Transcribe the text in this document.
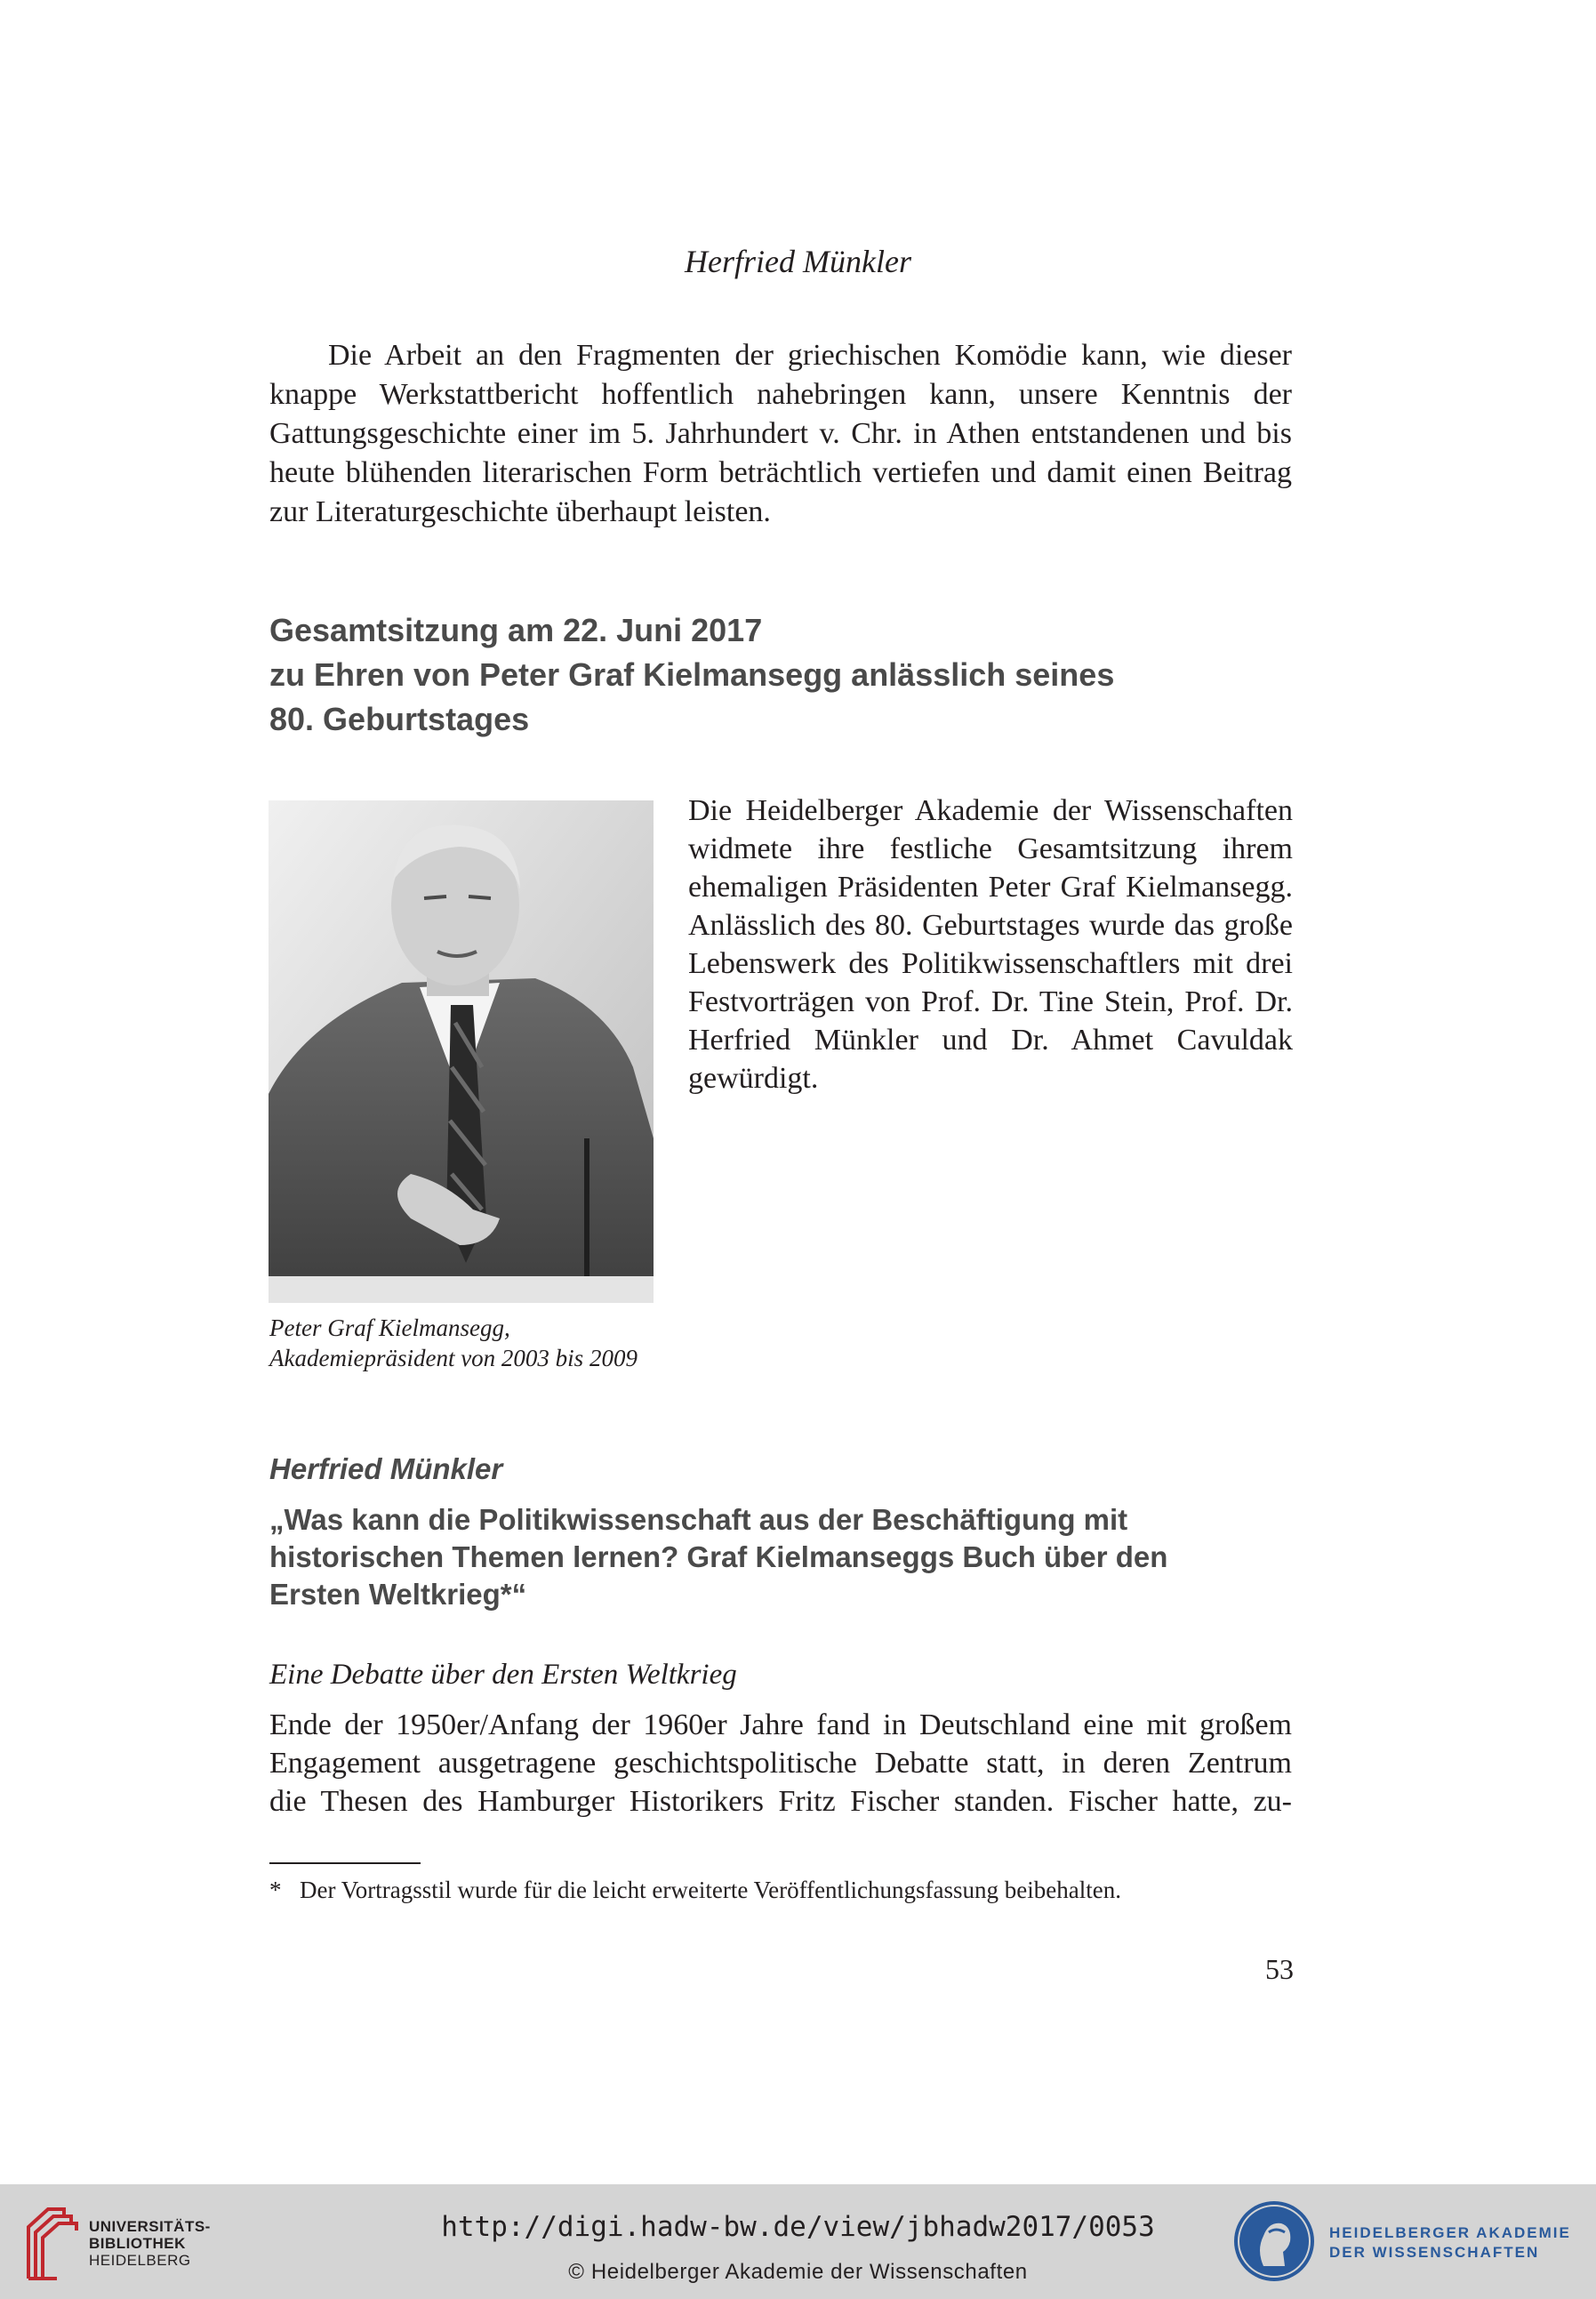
Herfried Münkler

Die Arbeit an den Fragmenten der griechischen Komödie kann, wie dieser knappe Werkstattbericht hoffentlich nahebringen kann, unsere Kenntnis der Gattungsgeschichte einer im 5. Jahrhundert v. Chr. in Athen entstandenen und bis heute blühenden literarischen Form beträchtlich vertiefen und damit einen Beitrag zur Literaturgeschichte überhaupt leisten.

Gesamtsitzung am 22. Juni 2017
zu Ehren von Peter Graf Kielmansegg anlässlich seines
80. Geburtstages

Die Heidelberger Akademie der Wissenschaften widmete ihre festliche Gesamtsitzung ihrem ehemaligen Präsidenten Peter Graf Kielmansegg. Anlässlich des 80. Geburtstages wurde das große Lebenswerk des Politikwissenschaftlers mit drei Festvorträgen von Prof. Dr. Tine Stein, Prof. Dr. Herfried Münkler und Dr. Ahmet Cavuldak gewürdigt.

Peter Graf Kielmansegg,
Akademiepräsident von 2003 bis 2009
Herfried Münkler
„Was kann die Politikwissenschaft aus der Beschäftigung mit
historischen Themen lernen? Graf Kielmanseggs Buch über den
Ersten Weltkrieg*“
Eine Debatte über den Ersten Weltkrieg
Ende der 1950er/Anfang der 1960er Jahre fand in Deutschland eine mit großem
Engagement ausgetragene geschichtspolitische Debatte statt, in deren Zentrum
die Thesen des Hamburger Historikers Fritz Fischer standen. Fischer hatte, zu-
* Der Vortragsstil wurde für die leicht erweiterte Veröffentlichungsfassung beibehalten.
53
UNIVERSITÄTS-
BIBLIOTHEK
HEIDELBERG
http://digi.hadw-bw.de/view/jbhadw2017/0053
© Heidelberger Akademie der Wissenschaften
HEIDELBERGER AKADEMIE
DER WISSENSCHAFTEN
